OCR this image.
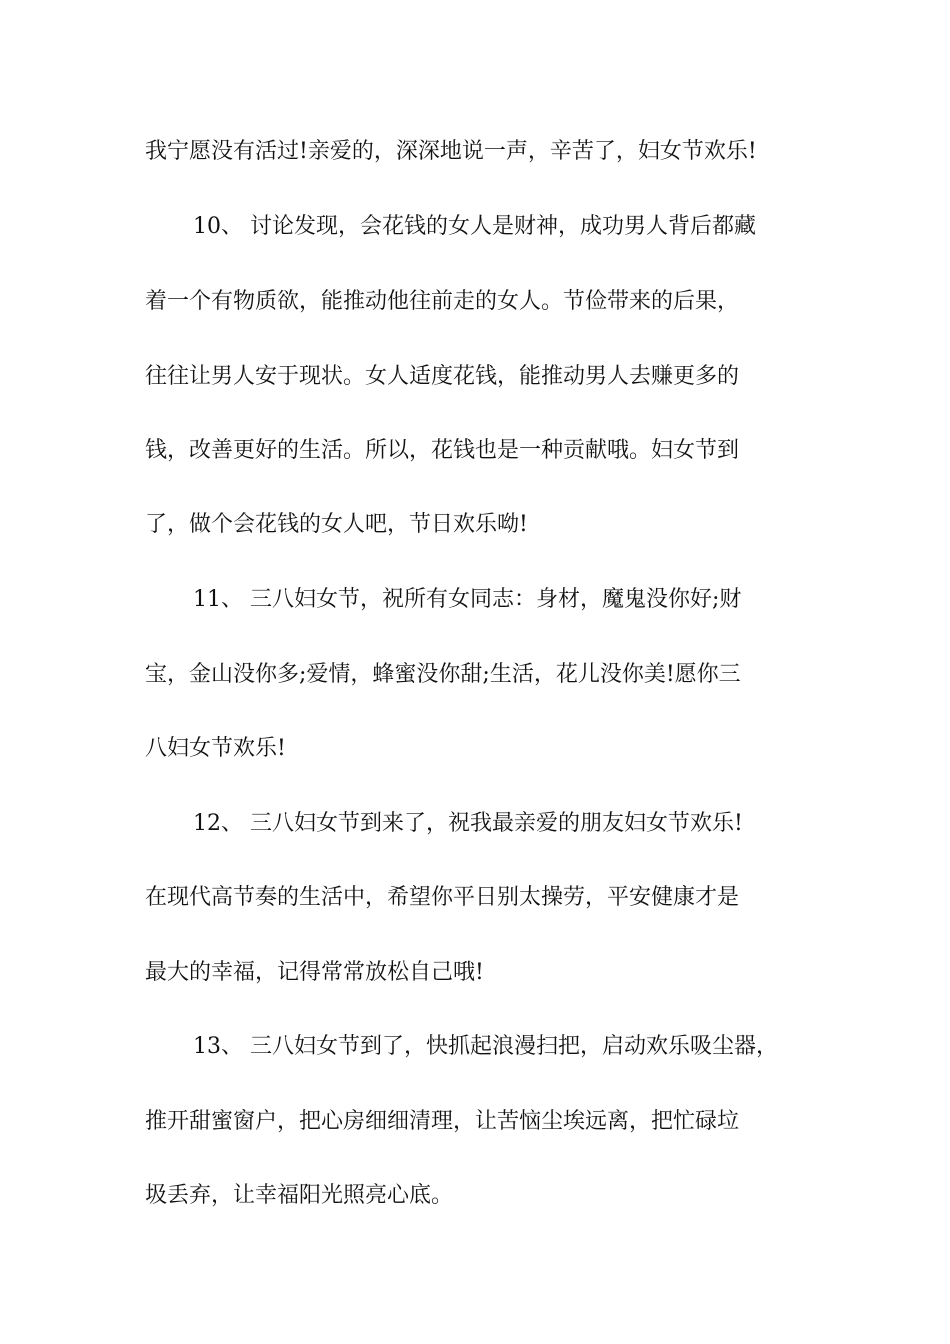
我宁愿没有活过!亲爱的，深深地说一声，辛苦了，妇女节欢乐!
10、 讨论发现，会花钱的女人是财神，成功男人背后都藏
着一个有物质欲，能推动他往前走的女人。节俭带来的后果，
往往让男人安于现状。女人适度花钱，能推动男人去赚更多的
钱，改善更好的生活。所以，花钱也是一种贡献哦。妇女节到
了，做个会花钱的女人吧，节日欢乐呦!
11、 三八妇女节，祝所有女同志：身材，魔鬼没你好;财
宝，金山没你多;爱情，蜂蜜没你甜;生活，花儿没你美!愿你三
八妇女节欢乐!
12、 三八妇女节到来了，祝我最亲爱的朋友妇女节欢乐!
在现代高节奏的生活中，希望你平日别太操劳，平安健康才是
最大的幸福，记得常常放松自己哦!
13、 三八妇女节到了，快抓起浪漫扫把，启动欢乐吸尘器，
推开甜蜜窗户，把心房细细清理，让苦恼尘埃远离，把忙碌垃
圾丢弃，让幸福阳光照亮心底。
